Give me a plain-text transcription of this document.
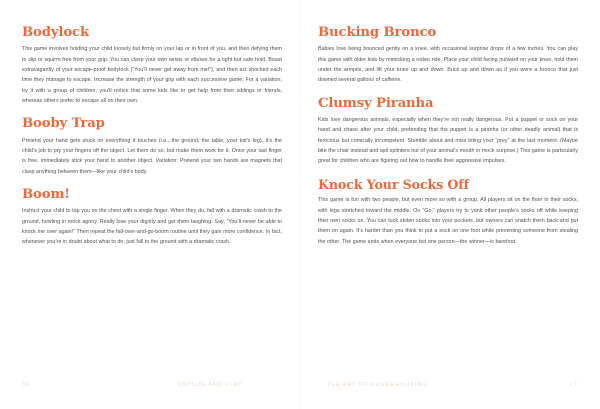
Bodylock

This game involves holding your child loosely but firmly on your lap or in front of you, and then defying them to slip or squirm free from your grip. You can clasp your own wrists or elbows for a tight but safe hold. Boast extravagantly of your escape-proof bodylock (“You’ll never get away from me!”), and then act shocked each time they manage to escape. Increase the strength of your grip with each successive game. For a variation, try it with a group of children; you’ll notice that some kids like to get help from their siblings or friends, whereas others prefer to escape all on their own.

Booby Trap

Pretend your hand gets stuck on everything it touches (i.e., the ground, the table, your kid’s leg). It’s the child’s job to pry your fingers off the object. Let them do so, but make them work for it. Once your last finger is free, immediately stick your hand to another object. Variation: Pretend your two hands are magnets that clasp anything between them—like your child’s body.

Boom!

Instruct your child to tap you on the chest with a single finger. When they do, fall with a dramatic crash to the ground, howling in mock agony. Really lose your dignity and get them laughing. Say, “You’ll never be able to knock me over again!” Then repeat the fall-over-and-go-boom routine until they gain more confidence. In fact, whenever you’re in doubt about what to do, just fall to the ground with a dramatic crash.

Bucking Bronco

Babies love being bounced gently on a knee, with occasional surprise drops of a few inches. You can play this game with older kids by mimicking a rodeo ride. Place your child facing outward on your knee, hold them under the armpits, and lift your knee up and down. Buck up and down as if you were a bronco that just downed several gallons of caffeine.

Clumsy Piranha

Kids love dangerous animals, especially when they’re not really dangerous. Put a puppet or sock on your hand and chase after your child, pretending that the puppet is a piranha (or other deadly animal) that is ferocious but comically incompetent. Stumble about and miss biting your “prey” at the last moment. (Maybe bite the chair instead and spit splinters out of your animal’s mouth in mock surprise.) This game is particularly great for children who are figuring out how to handle their aggressive impulses.

Knock Your Socks Off

This game is fun with two people, but even more so with a group. All players sit on the floor in their socks, with legs stretched toward the middle. On “Go,” players try to yank other people’s socks off while keeping their own socks on. You can tuck stolen socks into your pockets, but owners can snatch them back and put them on again. It’s harder than you think to put a sock on one foot while preventing someone from stealing the other. The game ends when everyone but one person—the winner—is barefoot.

36	UNPLUG AND PLAY	THE ART OF ROUGHHOUSING	37
